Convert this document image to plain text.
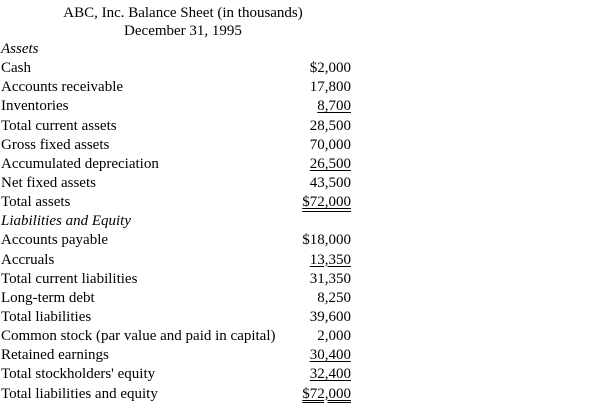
ABC, Inc. Balance Sheet (in thousands)
December 31, 1995
Assets
Cash	$2,000
Accounts receivable	17,800
Inventories	8,700
Total current assets	28,500
Gross fixed assets	70,000
Accumulated depreciation	26,500
Net fixed assets	43,500
Total assets	$72,000
Liabilities and Equity
Accounts payable	$18,000
Accruals	13,350
Total current liabilities	31,350
Long-term debt	8,250
Total liabilities	39,600
Common stock (par value and paid in capital)	2,000
Retained earnings	30,400
Total stockholders' equity	32,400
Total liabilities and equity	$72,000
